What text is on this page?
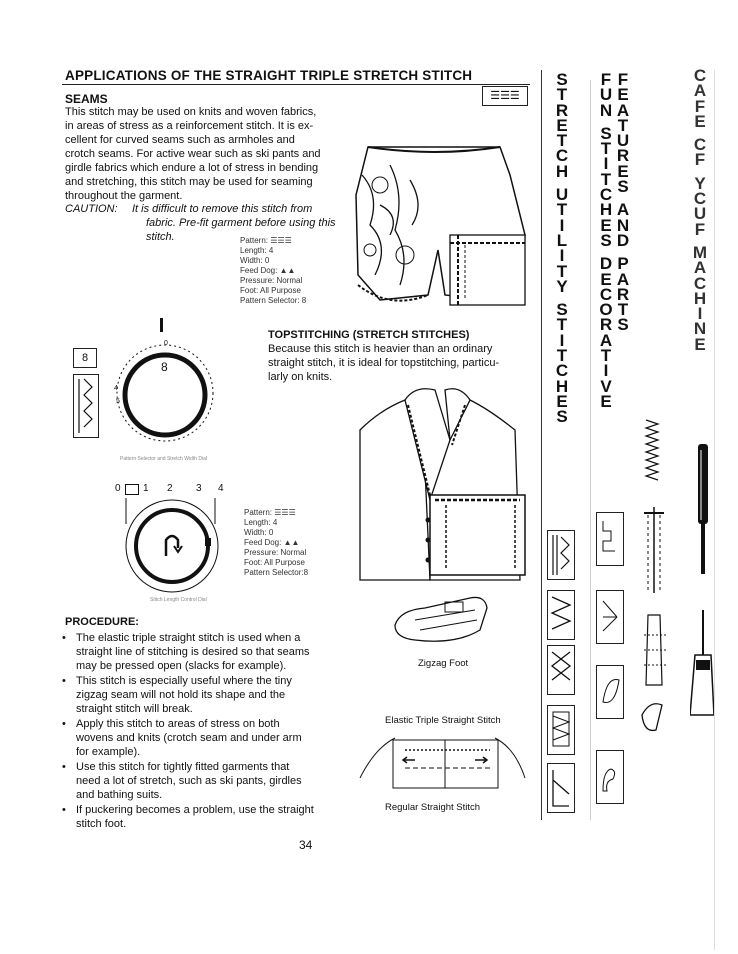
APPLICATIONS OF THE STRAIGHT TRIPLE STRETCH STITCH
☰☰☰
SEAMS
This stitch may be used on knits and woven fabrics,
in areas of stress as a reinforcement stitch. It is ex-
cellent for curved seams such as armholes and
crotch seams. For active wear such as ski pants and
girdle fabrics which endure a lot of stress in bending
and stretching, this stitch may be used for seaming
throughout the garment.
CAUTION: It is difficult to remove this stitch from
fabric. Pre-fit garment before using this
stitch.	Pattern: ☰☰☰
Length: 4
Width: 0
Feed Dog: ▲▲
Pressure: Normal
Foot: All Purpose
Pattern Selector: 8
8
0
8
4
5
Pattern Selector and Stretch Width Dial
0 1 2 3 4
Stitch Length Control Dial
Pattern: ☰☰☰
Length: 4
Width: 0
Feed Dog: ▲▲
Pressure: Normal
Foot: All Purpose
Pattern Selector:8
TOPSTITCHING (STRETCH STITCHES)
Because this stitch is heavier than an ordinary
straight stitch, it is ideal for topstitching, particu-
larly on knits.
Zigzag Foot
Elastic Triple Straight Stitch
Regular Straight Stitch
PROCEDURE:
• The elastic triple straight stitch is used when a
straight line of stitching is desired so that seams
may be pressed open (slacks for example).
• This stitch is especially useful where the tiny
zigzag seam will not hold its shape and the
straight stitch will break.
• Apply this stitch to areas of stress on both
wovens and knits (crotch seam and under arm
for example).
• Use this stitch for tightly fitted garments that
need a lot of stretch, such as ski pants, girdles
and bathing suits.
• If puckering becomes a problem, use the straight
stitch foot.
34
S
T
R
E
T
C
H

U
T
I
L
I
T
Y

S
T
I
T
C
H
E
S
F
U
N

S
T
I
T
C
H
E
S

D
E
C
O
R
A
T
I
V
E
F
E
A
T
U
R
E
S

A
N
D

P
A
R
T
S
C
A
F
E

C
F

Y
C
U
F

M
A
C
H
I
N
E
